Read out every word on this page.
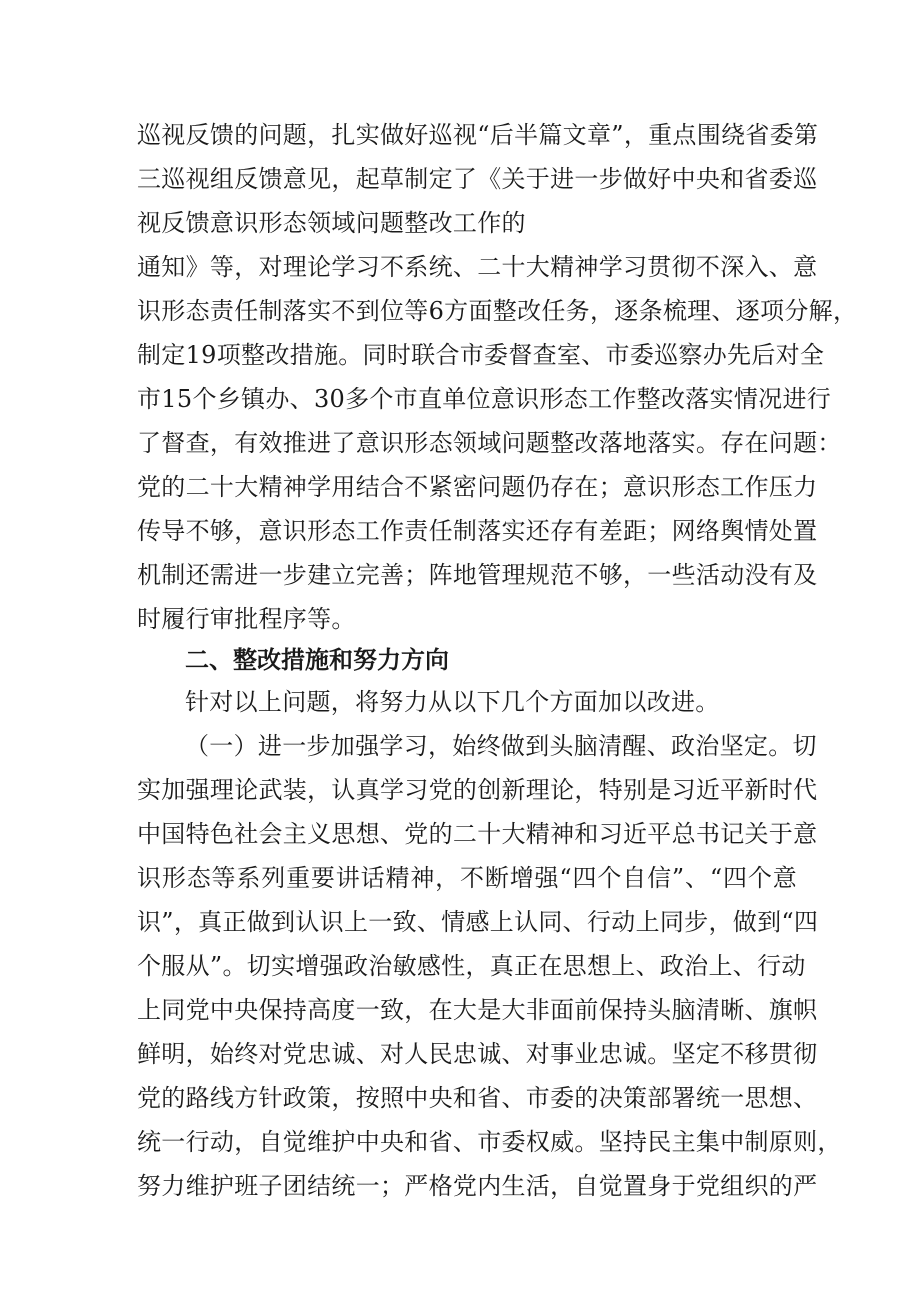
巡视反馈的问题，扎实做好巡视“后半篇文章”，重点围绕省委第
三巡视组反馈意见，起草制定了《关于进一步做好中央和省委巡
视反馈意识形态领域问题整改工作的
通知》等，对理论学习不系统、二十大精神学习贯彻不深入、意
识形态责任制落实不到位等6方面整改任务，逐条梳理、逐项分解，
制定19项整改措施。同时联合市委督查室、市委巡察办先后对全
市15个乡镇办、30多个市直单位意识形态工作整改落实情况进行
了督查，有效推进了意识形态领域问题整改落地落实。存在问题：
党的二十大精神学用结合不紧密问题仍存在；意识形态工作压力
传导不够，意识形态工作责任制落实还存有差距；网络舆情处置
机制还需进一步建立完善；阵地管理规范不够，一些活动没有及
时履行审批程序等。
二、整改措施和努力方向
针对以上问题，将努力从以下几个方面加以改进。
（一）进一步加强学习，始终做到头脑清醒、政治坚定。切
实加强理论武装，认真学习党的创新理论，特别是习近平新时代
中国特色社会主义思想、党的二十大精神和习近平总书记关于意
识形态等系列重要讲话精神，不断增强“四个自信”、“四个意
识”，真正做到认识上一致、情感上认同、行动上同步，做到“四
个服从”。切实增强政治敏感性，真正在思想上、政治上、行动
上同党中央保持高度一致，在大是大非面前保持头脑清晰、旗帜
鲜明，始终对党忠诚、对人民忠诚、对事业忠诚。坚定不移贯彻
党的路线方针政策，按照中央和省、市委的决策部署统一思想、
统一行动，自觉维护中央和省、市委权威。坚持民主集中制原则，
努力维护班子团结统一；严格党内生活，自觉置身于党组织的严
